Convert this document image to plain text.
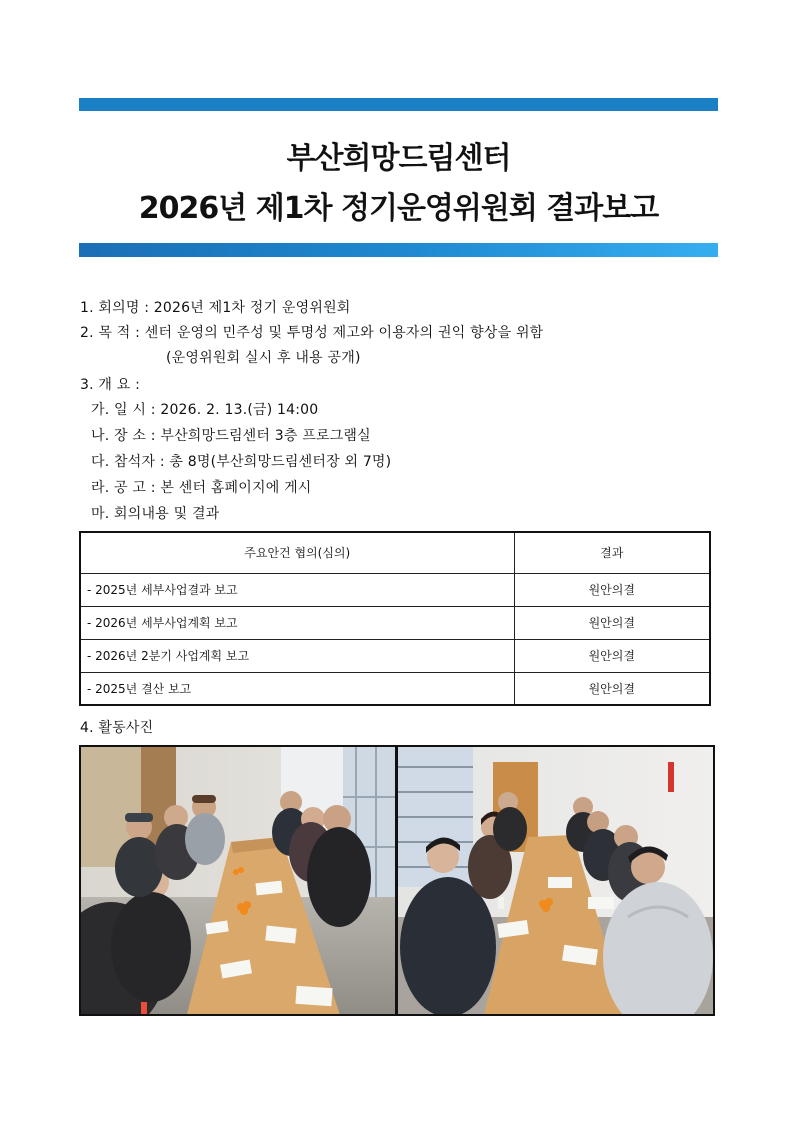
부산희망드림센터
2026년 제1차 정기운영위원회 결과보고
1. 회의명 : 2026년 제1차 정기 운영위원회
2. 목 적 : 센터 운영의 민주성 및 투명성 제고와 이용자의 권익 향상을 위함
(운영위원회 실시 후 내용 공개)
3. 개 요 :
가. 일 시 : 2026. 2. 13.(금) 14:00
나. 장 소 : 부산희망드림센터 3층 프로그램실
다. 참석자 : 총 8명(부산희망드림센터장 외 7명)
라. 공 고 : 본 센터 홈페이지에 게시
마. 회의내용 및 결과
주요안건 협의(심의)	결과
- 2025년 세부사업결과 보고	원안의결
- 2026년 세부사업계획 보고	원안의결
- 2026년 2분기 사업계획 보고	원안의결
- 2025년 결산 보고	원안의결
4. 활동사진
